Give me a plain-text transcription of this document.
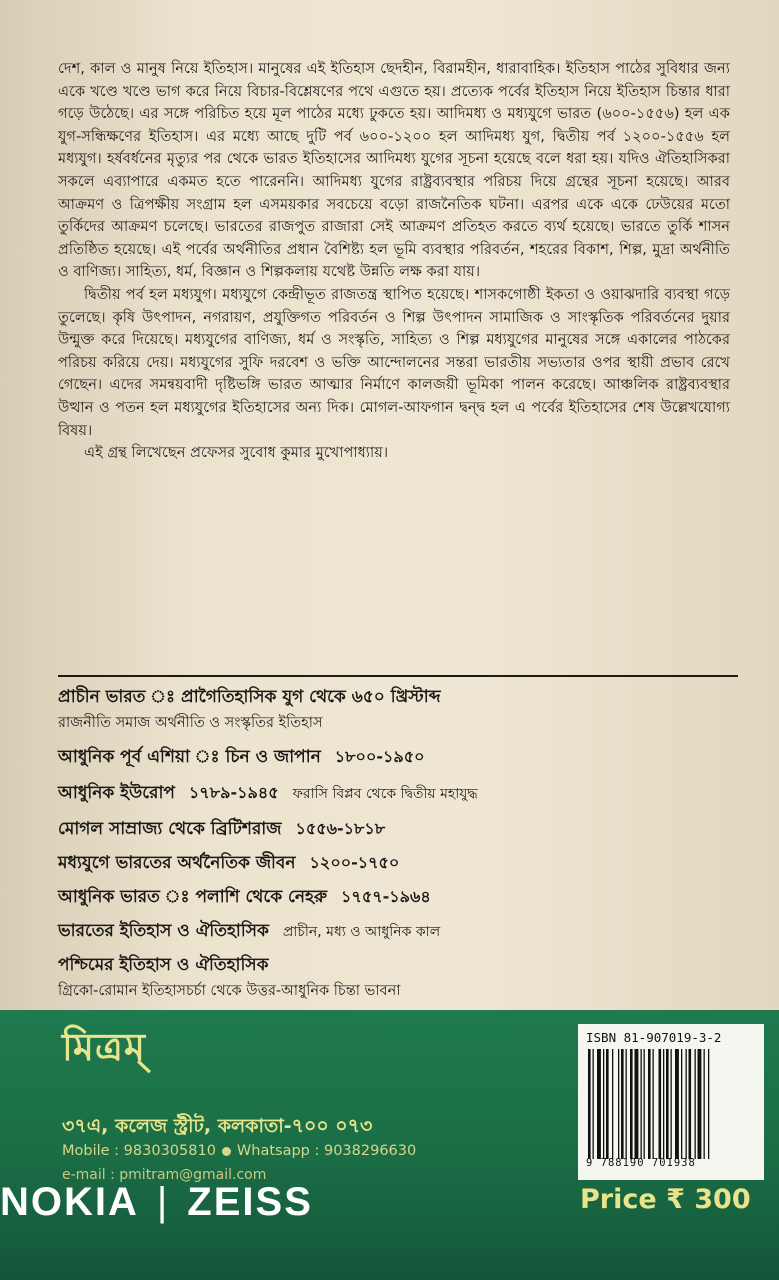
দেশ, কাল ও মানুষ নিয়ে ইতিহাস। মানুষের এই ইতিহাস ছেদহীন, বিরামহীন, ধারাবাহিক। ইতিহাস পাঠের সুবিধার জন্য একে খণ্ডে খণ্ডে ভাগ করে নিয়ে বিচার-বিশ্লেষণের পথে এগুতে হয়। প্রত্যেক পর্বের ইতিহাস নিয়ে ইতিহাস চিন্তার ধারা গড়ে উঠেছে। এর সঙ্গে পরিচিত হয়ে মূল পাঠের মধ্যে ঢুকতে হয়। আদিমধ্য ও মধ্যযুগে ভারত (৬০০-১৫৫৬) হল এক যুগ-সন্ধিক্ষণের ইতিহাস। এর মধ্যে আছে দুটি পর্ব ৬০০-১২০০ হল আদিমধ্য যুগ, দ্বিতীয় পর্ব ১২০০-১৫৫৬ হল মধ্যযুগ। হর্ষবর্ধনের মৃত্যুর পর থেকে ভারত ইতিহাসের আদিমধ্য যুগের সূচনা হয়েছে বলে ধরা হয়। যদিও ঐতিহাসিকরা সকলে এব্যাপারে একমত হতে পারেননি। আদিমধ্য যুগের রাষ্ট্রব্যবস্থার পরিচয় দিয়ে গ্রন্থের সূচনা হয়েছে। আরব আক্রমণ ও ত্রিপক্ষীয় সংগ্রাম হল এসময়কার সবচেয়ে বড়ো রাজনৈতিক ঘটনা। এরপর একে একে ঢেউয়ের মতো তুর্কিদের আক্রমণ চলেছে। ভারতের রাজপুত রাজারা সেই আক্রমণ প্রতিহত করতে ব্যর্থ হয়েছে। ভারতে তুর্কি শাসন প্রতিষ্ঠিত হয়েছে। এই পর্বের অর্থনীতির প্রধান বৈশিষ্ট্য হল ভূমি ব্যবস্থার পরিবর্তন, শহরের বিকাশ, শিল্প, মুদ্রা অর্থনীতি ও বাণিজ্য। সাহিত্য, ধর্ম, বিজ্ঞান ও শিল্পকলায় যথেষ্ট উন্নতি লক্ষ করা যায়।

দ্বিতীয় পর্ব হল মধ্যযুগ। মধ্যযুগে কেন্দ্রীভূত রাজতন্ত্র স্থাপিত হয়েছে। শাসকগোষ্ঠী ইকতা ও ওয়াঝদারি ব্যবস্থা গড়ে তুলেছে। কৃষি উৎপাদন, নগরায়ণ, প্রযুক্তিগত পরিবর্তন ও শিল্প উৎপাদন সামাজিক ও সাংস্কৃতিক পরিবর্তনের দুয়ার উন্মুক্ত করে দিয়েছে। মধ্যযুগের বাণিজ্য, ধর্ম ও সংস্কৃতি, সাহিত্য ও শিল্প মধ্যযুগের মানুষের সঙ্গে একালের পাঠকের পরিচয় করিয়ে দেয়। মধ্যযুগের সুফি দরবেশ ও ভক্তি আন্দোলনের সন্তরা ভারতীয় সভ্যতার ওপর স্থায়ী প্রভাব রেখে গেছেন। এদের সমন্বয়বাদী দৃষ্টিভঙ্গি ভারত আত্মার নির্মাণে কালজয়ী ভূমিকা পালন করেছে। আঞ্চলিক রাষ্ট্রব্যবস্থার উত্থান ও পতন হল মধ্যযুগের ইতিহাসের অন্য দিক। মোগল-আফগান দ্বন্দ্ব হল এ পর্বের ইতিহাসের শেষ উল্লেখযোগ্য বিষয়।

এই গ্রন্থ লিখেছেন প্রফেসর সুবোধ কুমার মুখোপাধ্যায়।

প্রাচীন ভারত ঃ প্রাগৈতিহাসিক যুগ থেকে ৬৫০ খ্রিস্টাব্দ
রাজনীতি সমাজ অর্থনীতি ও সংস্কৃতির ইতিহাস
আধুনিক পূর্ব এশিয়া ঃ চিন ও জাপান ১৮০০-১৯৫০
আধুনিক ইউরোপ ১৭৮৯-১৯৪৫ ফরাসি বিপ্লব থেকে দ্বিতীয় মহাযুদ্ধ
মোগল সাম্রাজ্য থেকে ব্রিটিশরাজ ১৫৫৬-১৮১৮
মধ্যযুগে ভারতের অর্থনৈতিক জীবন ১২০০-১৭৫০
আধুনিক ভারত ঃ পলাশি থেকে নেহরু ১৭৫৭-১৯৬৪
ভারতের ইতিহাস ও ঐতিহাসিক প্রাচীন, মধ্য ও আধুনিক কাল
পশ্চিমের ইতিহাস ও ঐতিহাসিক
গ্রিকো-রোমান ইতিহাসচর্চা থেকে উত্তর-আধুনিক চিন্তা ভাবনা
মিত্রম্
৩৭এ, কলেজ স্ট্রীট, কলকাতা-৭০০ ০৭৩
Mobile : 9830305810 Whatsapp : 9038296630
e-mail : pmitram@gmail.com
NOKIA | ZEISS
ISBN 81-907019-3-2
9 788190 701938
Price ₹ 300
